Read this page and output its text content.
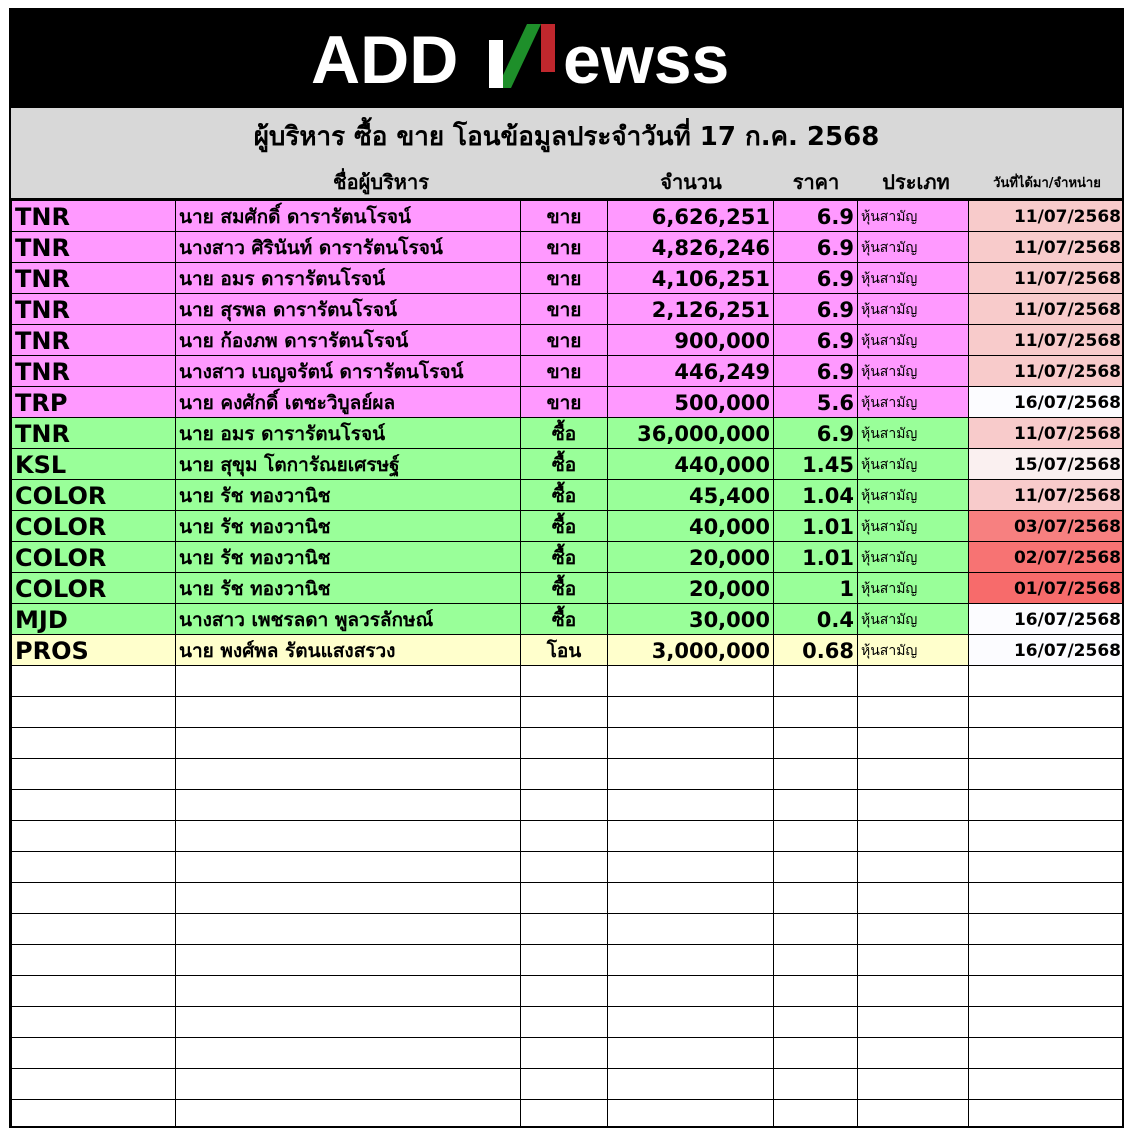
ADD ewss
ผู้บริหาร ซื้อ ขาย โอนข้อมูลประจำวันที่ 17 ก.ค. 2568
ชื่อผู้บริหาร	จำนวน	ราคา	ประเภท	วันที่ได้มา/จำหน่าย
TNR	นาย สมศักดิ์ ดารารัตนโรจน์	ขาย	6,626,251	6.9	หุ้นสามัญ	11/07/2568
TNR	นางสาว ศิรินันท์ ดารารัตนโรจน์	ขาย	4,826,246	6.9	หุ้นสามัญ	11/07/2568
TNR	นาย อมร ดารารัตนโรจน์	ขาย	4,106,251	6.9	หุ้นสามัญ	11/07/2568
TNR	นาย สุรพล ดารารัตนโรจน์	ขาย	2,126,251	6.9	หุ้นสามัญ	11/07/2568
TNR	นาย ก้องภพ ดารารัตนโรจน์	ขาย	900,000	6.9	หุ้นสามัญ	11/07/2568
TNR	นางสาว เบญจรัตน์ ดารารัตนโรจน์	ขาย	446,249	6.9	หุ้นสามัญ	11/07/2568
TRP	นาย คงศักดิ์ เตชะวิบูลย์ผล	ขาย	500,000	5.6	หุ้นสามัญ	16/07/2568
TNR	นาย อมร ดารารัตนโรจน์	ซื้อ	36,000,000	6.9	หุ้นสามัญ	11/07/2568
KSL	นาย สุขุม โตการัณยเศรษฐ์	ซื้อ	440,000	1.45	หุ้นสามัญ	15/07/2568
COLOR	นาย รัช ทองวานิช	ซื้อ	45,400	1.04	หุ้นสามัญ	11/07/2568
COLOR	นาย รัช ทองวานิช	ซื้อ	40,000	1.01	หุ้นสามัญ	03/07/2568
COLOR	นาย รัช ทองวานิช	ซื้อ	20,000	1.01	หุ้นสามัญ	02/07/2568
COLOR	นาย รัช ทองวานิช	ซื้อ	20,000	1	หุ้นสามัญ	01/07/2568
MJD	นางสาว เพชรลดา พูลวรลักษณ์	ซื้อ	30,000	0.4	หุ้นสามัญ	16/07/2568
PROS	นาย พงศ์พล รัตนแสงสรวง	โอน	3,000,000	0.68	หุ้นสามัญ	16/07/2568
